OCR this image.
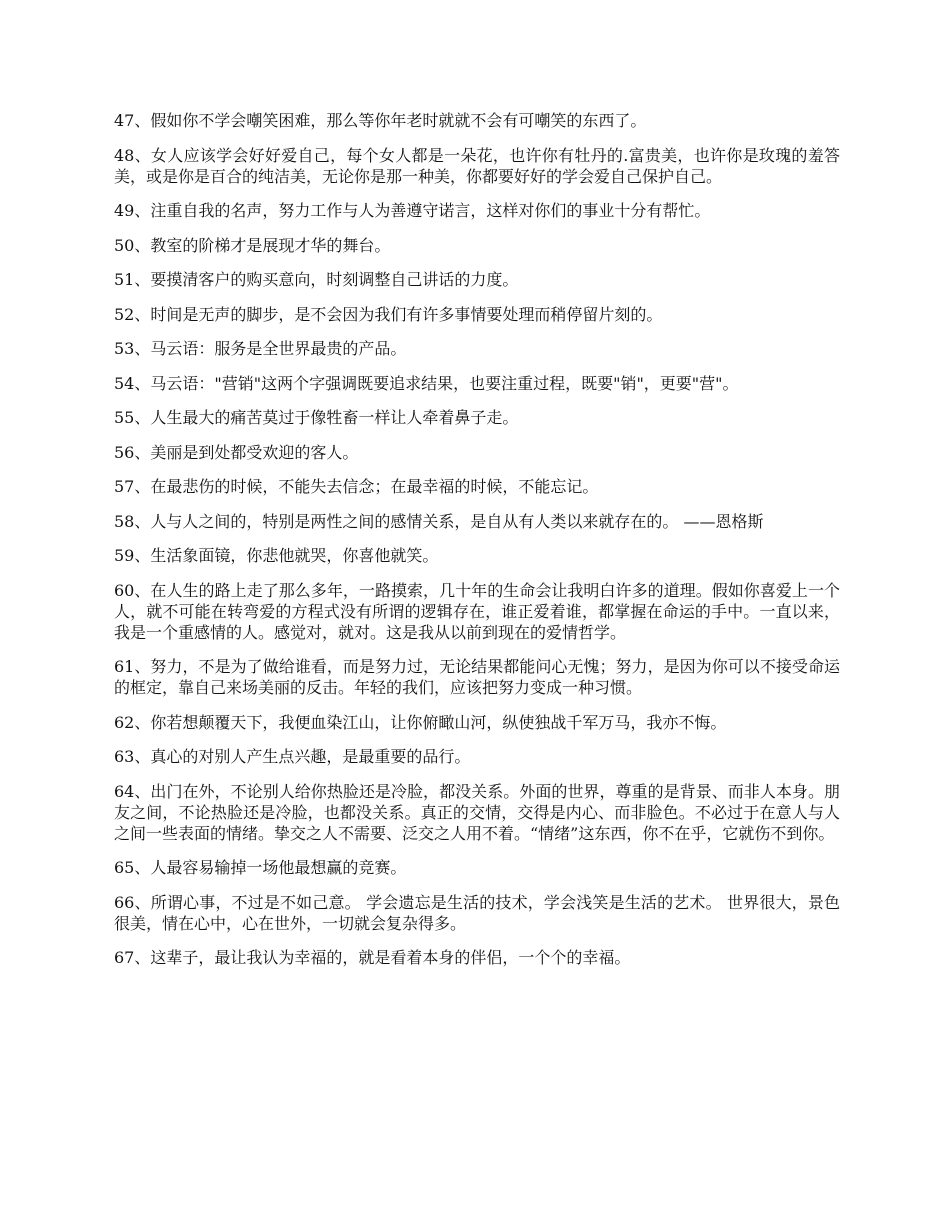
47、假如你不学会嘲笑困难，那么等你年老时就就不会有可嘲笑的东西了。

48、女人应该学会好好爱自己，每个女人都是一朵花，也许你有牡丹的.富贵美，也许你是玫瑰的羞答美，或是你是百合的纯洁美，无论你是那一种美，你都要好好的学会爱自己保护自己。

49、注重自我的名声，努力工作与人为善遵守诺言，这样对你们的事业十分有帮忙。

50、教室的阶梯才是展现才华的舞台。

51、要摸清客户的购买意向，时刻调整自己讲话的力度。

52、时间是无声的脚步，是不会因为我们有许多事情要处理而稍停留片刻的。

53、马云语：服务是全世界最贵的产品。

54、马云语："营销"这两个字强调既要追求结果，也要注重过程，既要"销"，更要"营"。

55、人生最大的痛苦莫过于像牲畜一样让人牵着鼻子走。

56、美丽是到处都受欢迎的客人。

57、在最悲伤的时候，不能失去信念；在最幸福的时候，不能忘记。

58、人与人之间的，特别是两性之间的感情关系，是自从有人类以来就存在的。 ——恩格斯

59、生活象面镜，你悲他就哭，你喜他就笑。

60、在人生的路上走了那么多年，一路摸索，几十年的生命会让我明白许多的道理。假如你喜爱上一个人，就不可能在转弯爱的方程式没有所谓的逻辑存在，谁正爱着谁，都掌握在命运的手中。一直以来，我是一个重感情的人。感觉对，就对。这是我从以前到现在的爱情哲学。

61、努力，不是为了做给谁看，而是努力过，无论结果都能问心无愧；努力，是因为你可以不接受命运的框定，靠自己来场美丽的反击。年轻的我们，应该把努力变成一种习惯。

62、你若想颠覆天下，我便血染江山，让你俯瞰山河，纵使独战千军万马，我亦不悔。

63、真心的对别人产生点兴趣，是最重要的品行。

64、出门在外，不论别人给你热脸还是冷脸，都没关系。外面的世界，尊重的是背景、而非人本身。朋友之间，不论热脸还是冷脸，也都没关系。真正的交情，交得是内心、而非脸色。不必过于在意人与人之间一些表面的情绪。挚交之人不需要、泛交之人用不着。“情绪”这东西，你不在乎，它就伤不到你。

65、人最容易输掉一场他最想赢的竞赛。

66、所谓心事，不过是不如己意。 学会遗忘是生活的技术，学会浅笑是生活的艺术。 世界很大，景色很美，情在心中，心在世外，一切就会复杂得多。

67、这辈子，最让我认为幸福的，就是看着本身的伴侣，一个个的幸福。
